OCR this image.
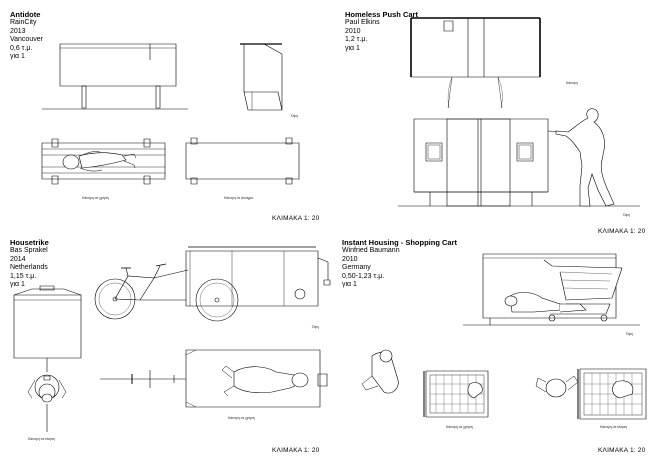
Antidote
RainCity
2013
Vancouver
0,6 τ.μ.
για 1
Όψη
Κάτοψη σε χρήση	Κάτοψη σε άνοιγμα
ΚΛΙΜΑΚΑ 1: 20
Homeless Push Cart
Paul Elkins
2010
1,2 τ.μ.
για 1
Κάτοψη
Όψη
ΚΛΙΜΑΚΑ 1: 20
Housetrike
Bas Sprakel
2014
Netherlands
1,15 τ.μ.
για 1
Όψη
Κάτοψη σε κίνηση
Κάτοψη σε χρήση
ΚΛΙΜΑΚΑ 1: 20
Instant Housing - Shopping Cart
Winfried Baumann
2010
Germany
0,50-1,23 τ.μ.
για 1
Όψη
Κάτοψη σε χρήση	Κάτοψη σε κίνηση
ΚΛΙΜΑΚΑ 1: 20
